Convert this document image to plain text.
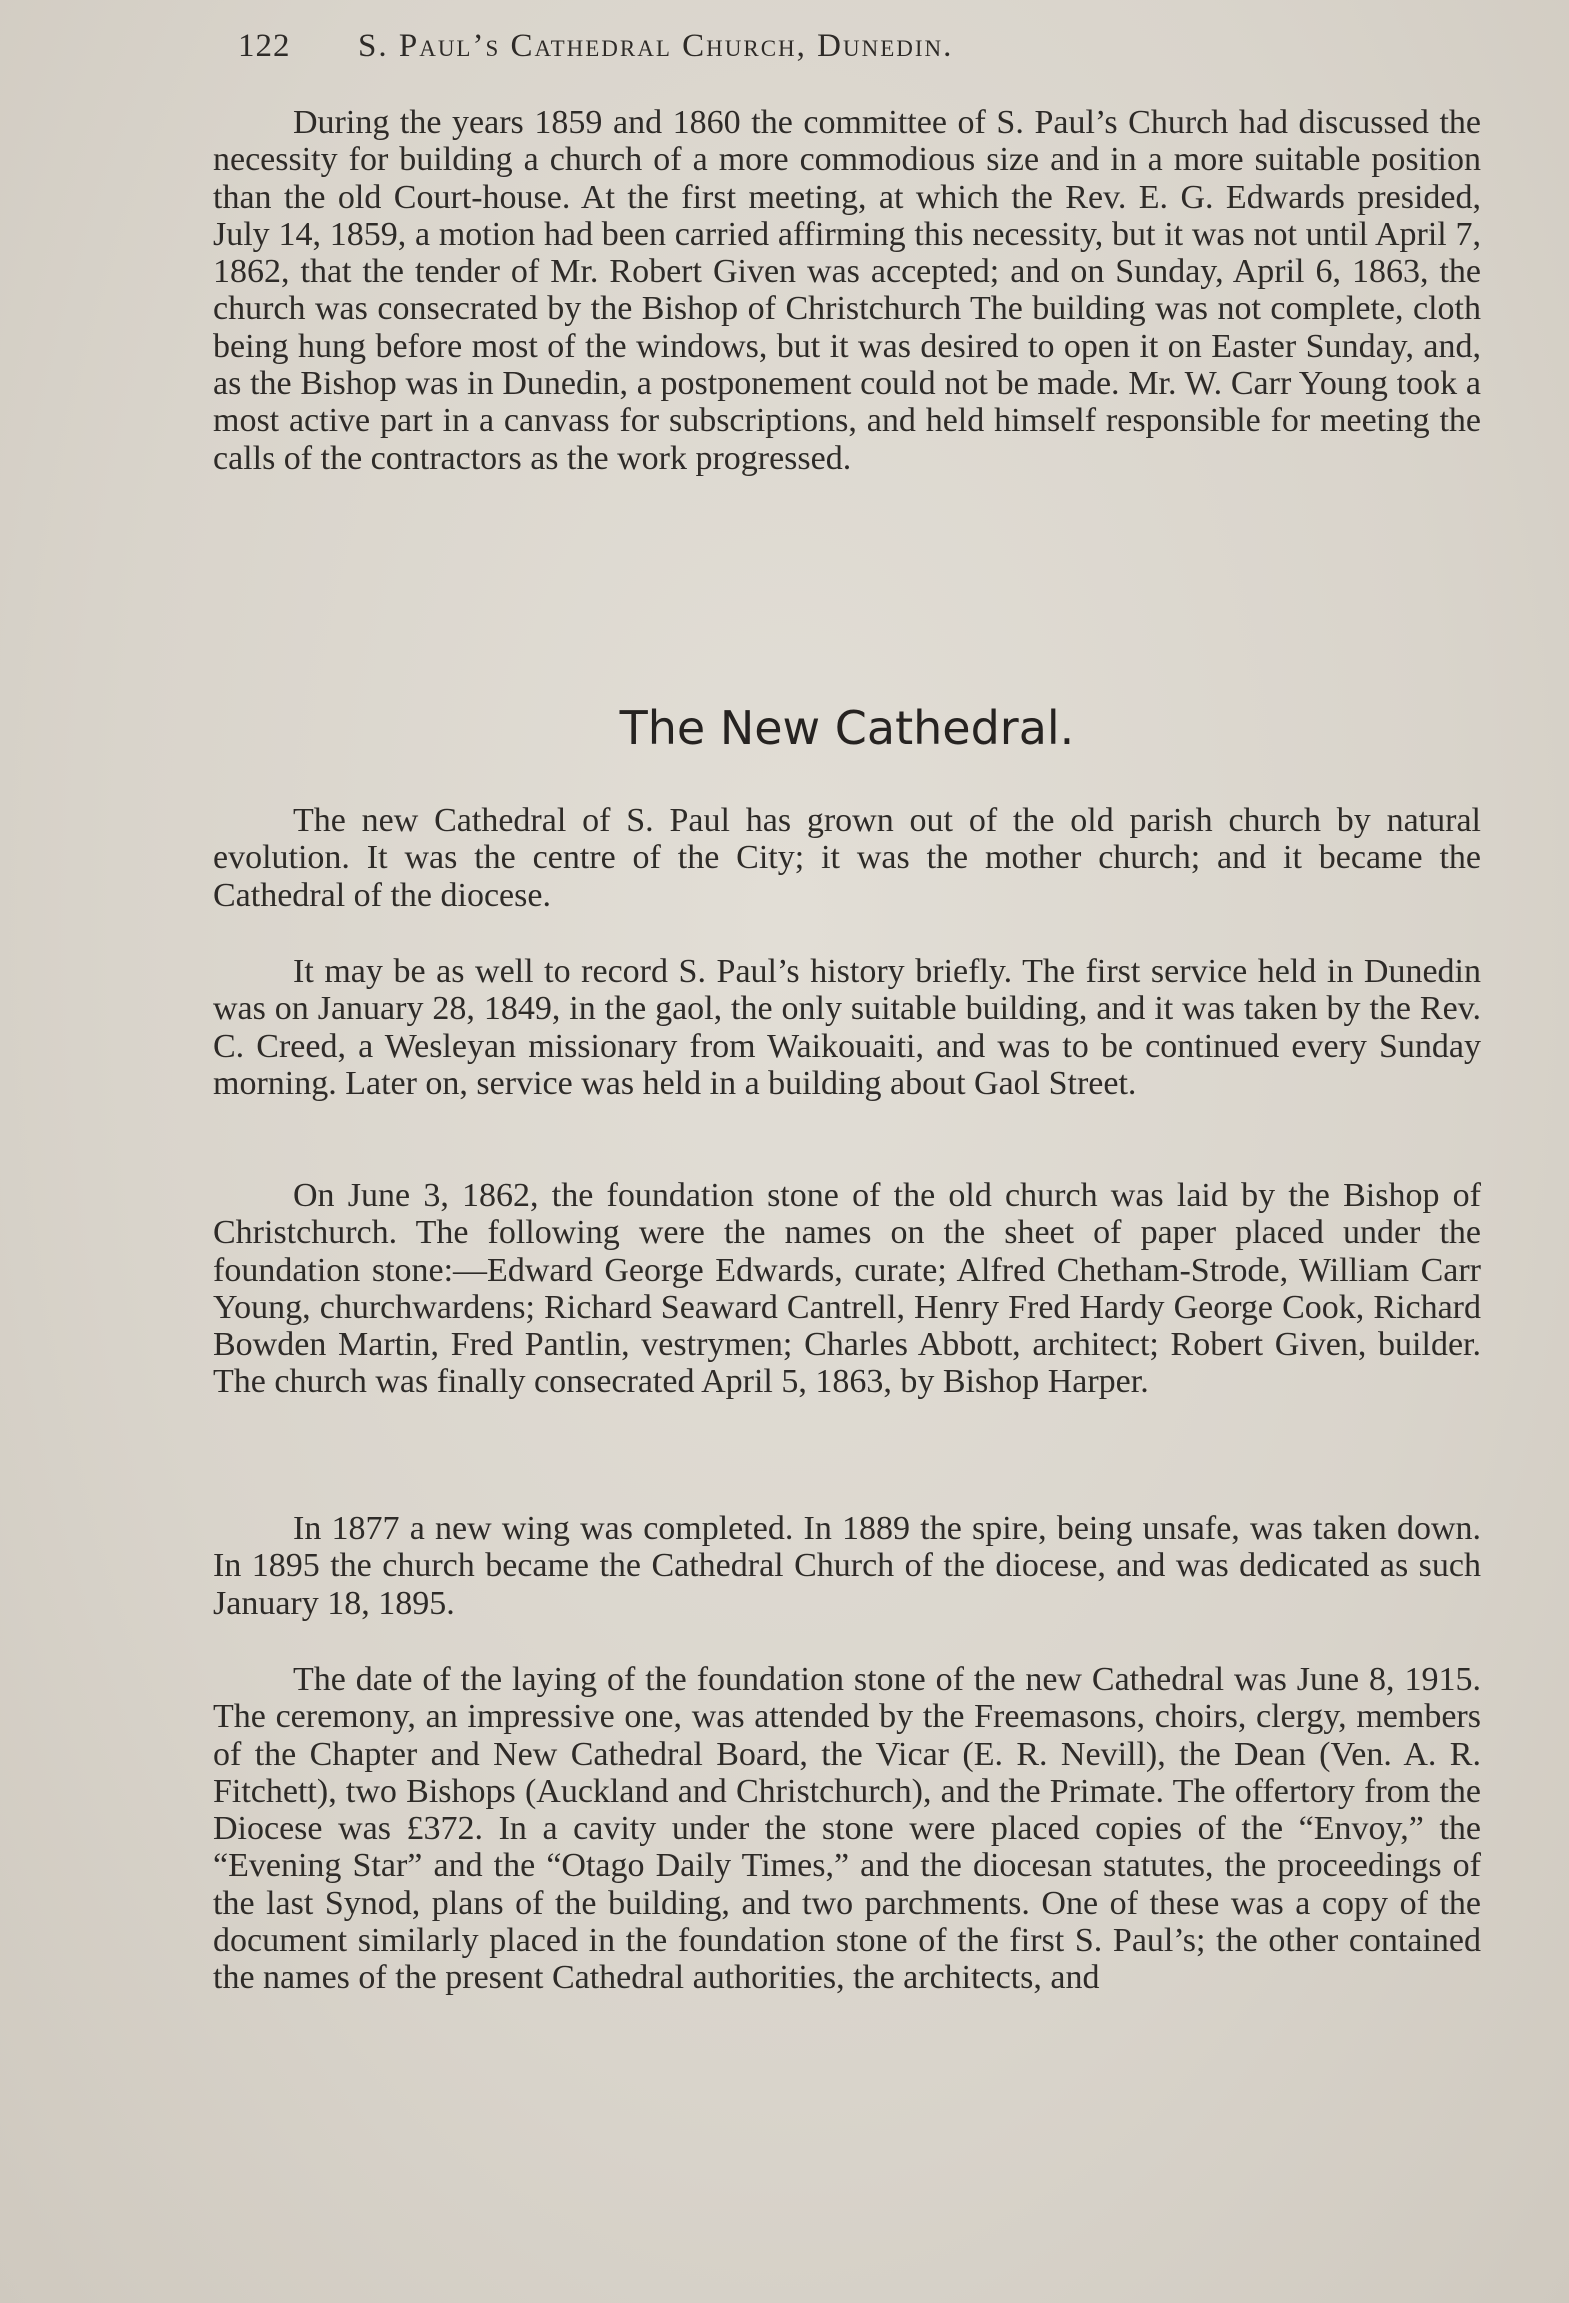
122	S. Paul’s Cathedral Church, Dunedin.

During the years 1859 and 1860 the committee of S. Paul’s Church had discussed the necessity for building a church of a more commodious size and in a more suitable position than the old Court-house. At the first meeting, at which the Rev. E. G. Edwards presided, July 14, 1859, a motion had been carried affirming this necessity, but it was not until April 7, 1862, that the tender of Mr. Robert Given was accepted; and on Sunday, April 6, 1863, the church was consecrated by the Bishop of Christchurch The building was not complete, cloth being hung before most of the windows, but it was desired to open it on Easter Sunday, and, as the Bishop was in Dunedin, a postponement could not be made. Mr. W. Carr Young took a most active part in a canvass for subscriptions, and held himself responsible for meeting the calls of the contractors as the work progressed.

The New Cathedral.

The new Cathedral of S. Paul has grown out of the old parish church by natural evolution. It was the centre of the City; it was the mother church; and it became the Cathedral of the diocese.

It may be as well to record S. Paul’s history briefly. The first service held in Dunedin was on January 28, 1849, in the gaol, the only suitable building, and it was taken by the Rev. C. Creed, a Wesleyan missionary from Waikouaiti, and was to be continued every Sunday morning. Later on, service was held in a building about Gaol Street.

On June 3, 1862, the foundation stone of the old church was laid by the Bishop of Christchurch. The following were the names on the sheet of paper placed under the foundation stone:—Edward George Edwards, curate; Alfred Chetham-Strode, William Carr Young, churchwardens; Richard Seaward Cantrell, Henry Fred Hardy George Cook, Richard Bowden Martin, Fred Pantlin, vestrymen; Charles Abbott, architect; Robert Given, builder. The church was finally consecrated April 5, 1863, by Bishop Harper.

In 1877 a new wing was completed. In 1889 the spire, being unsafe, was taken down. In 1895 the church became the Cathedral Church of the diocese, and was dedicated as such January 18, 1895.

The date of the laying of the foundation stone of the new Cathedral was June 8, 1915. The ceremony, an impressive one, was attended by the Freemasons, choirs, clergy, members of the Chapter and New Cathedral Board, the Vicar (E. R. Nevill), the Dean (Ven. A. R. Fitchett), two Bishops (Auckland and Christchurch), and the Primate. The offertory from the Diocese was £372. In a cavity under the stone were placed copies of the “Envoy,” the “Evening Star” and the “Otago Daily Times,” and the diocesan statutes, the proceedings of the last Synod, plans of the building, and two parchments. One of these was a copy of the document similarly placed in the foundation stone of the first S. Paul’s; the other contained the names of the present Cathedral authorities, the architects, and
